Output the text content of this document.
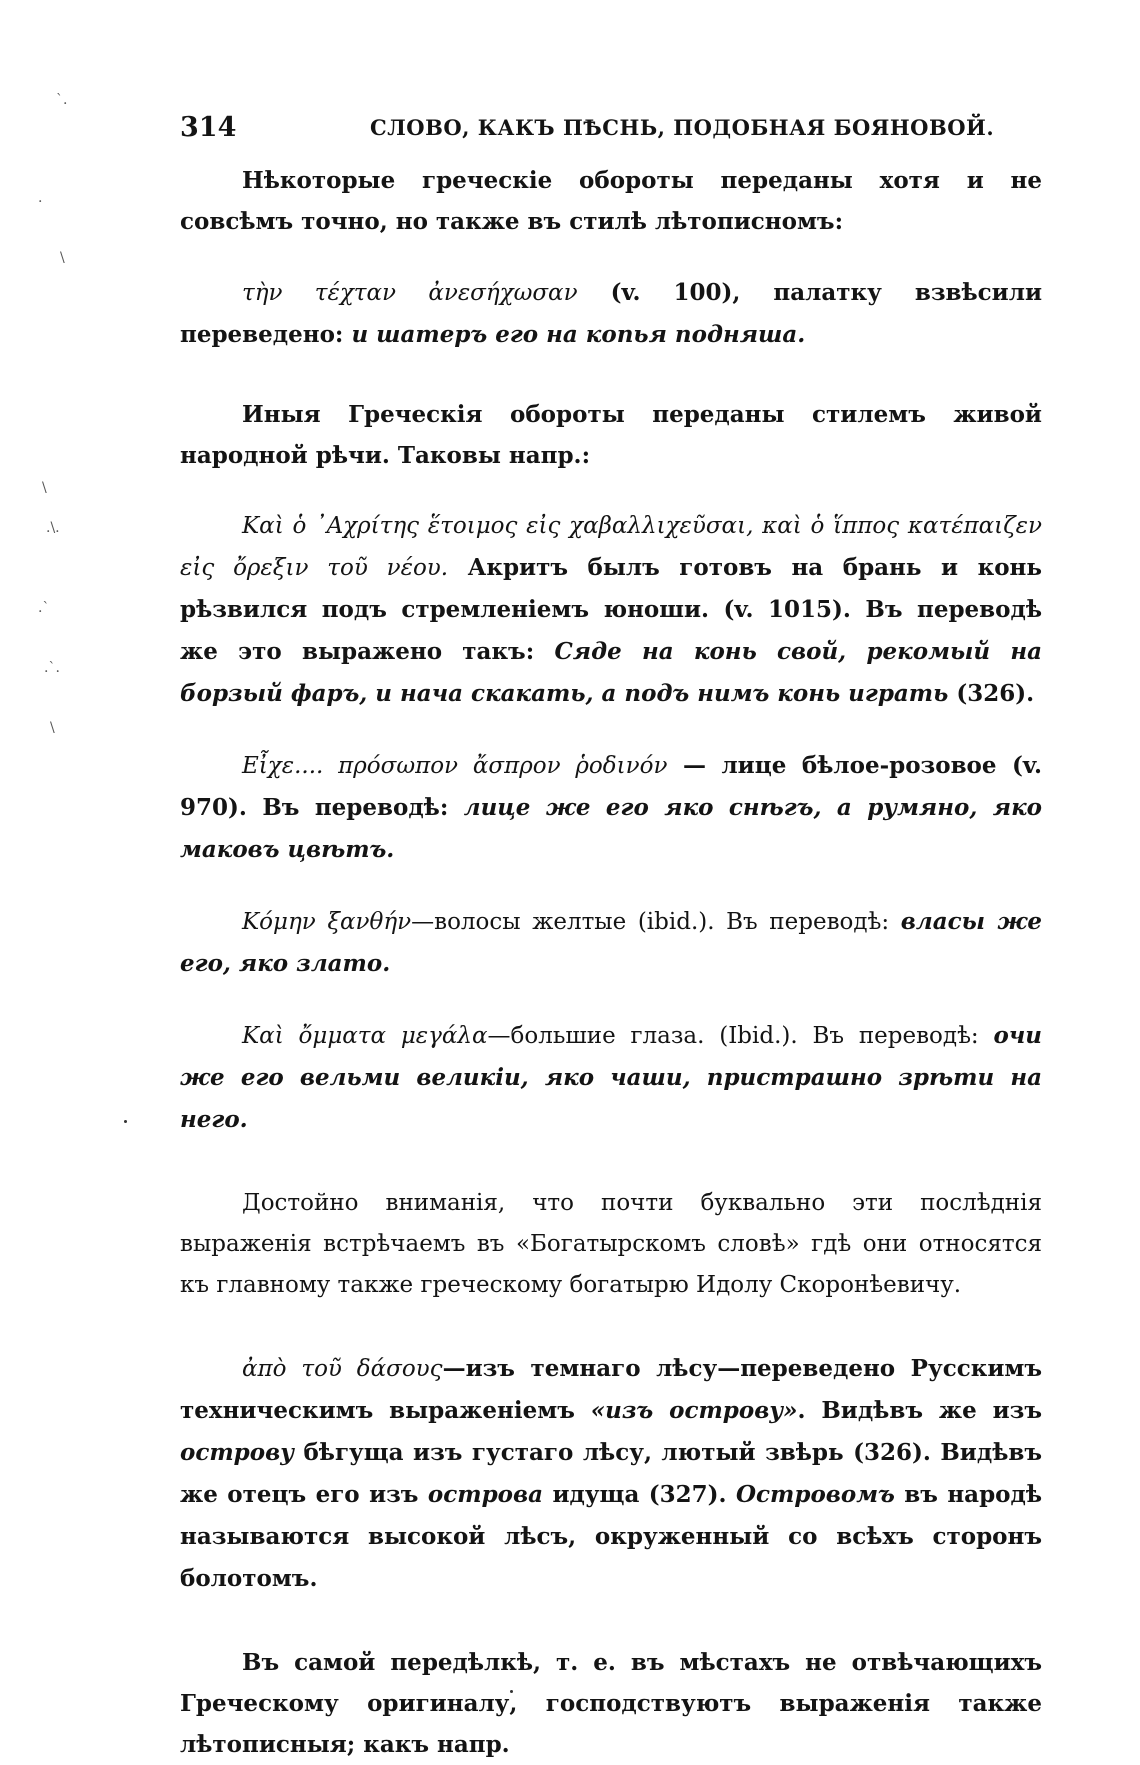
`.
.
\
\
.\.
.`
.`.
\
314	СЛОВО, КАКЪ ПѢСНЬ, ПОДОБНАЯ БОЯНОВОЙ.

Нѣкоторые греческіе обороты переданы хотя и не совсѣмъ точно, но также въ стилѣ лѣтописномъ:

τὴν τέχταν ἀνεσήχωσαν (v. 100), палатку взвѣсили переведено: и шатеръ его на копья подняша.

Иныя Греческія обороты переданы стилемъ живой народной рѣчи. Таковы напр.:

Καὶ ὁ ᾿Αχρίτης ἕτοιμος εἰς χαβαλλιχεῦσαι, καὶ ὁ ἵππος κατέπαιζεν εἰς ὄρεξιν τοῦ νέου. Акритъ былъ готовъ на брань и конь рѣзвился подъ стремленіемъ юноши. (v. 1015). Въ переводѣ же это выражено такъ: Сяде на конь свой, рекомый на борзый фаръ, и нача скакать, а подъ нимъ конь играть (326).

Εἶχε.... πρόσωπον ἄσπρον ῥοδινόν — лице бѣлое-розовое (v. 970). Въ переводѣ: лице же его яко снѣгъ, а румяно, яко маковъ цвѣтъ.

Κόμην ξανθήν—волосы желтые (ibid.). Въ переводѣ: власы же его, яко злато.

Καὶ ὄμματα μεγάλα—большие глаза. (Ibid.). Въ переводѣ: очи же его вельми великіи, яко чаши, пристрашно зрѣти на него.

Достойно вниманія, что почти буквально эти послѣднія выраженія встрѣчаемъ въ «Богатырскомъ словѣ» гдѣ они относятся къ главному также греческому богатырю Идолу Скоронѣевичу.

ἀπὸ τοῦ δάσους—изъ темнаго лѣсу—переведено Русскимъ техническимъ выраженіемъ «изъ острову». Видѣвъ же изъ острову бѣгуща изъ густаго лѣсу, лютый звѣрь (326). Видѣвъ же отецъ его изъ острова идуща (327). Островомъ въ народѣ называются высокой лѣсъ, окруженный со всѣхъ сторонъ болотомъ.

Въ самой передѣлкѣ, т. е. въ мѣстахъ не отвѣчающихъ Греческому оригиналу, господствуютъ выраженія также лѣтописныя; какъ напр.
